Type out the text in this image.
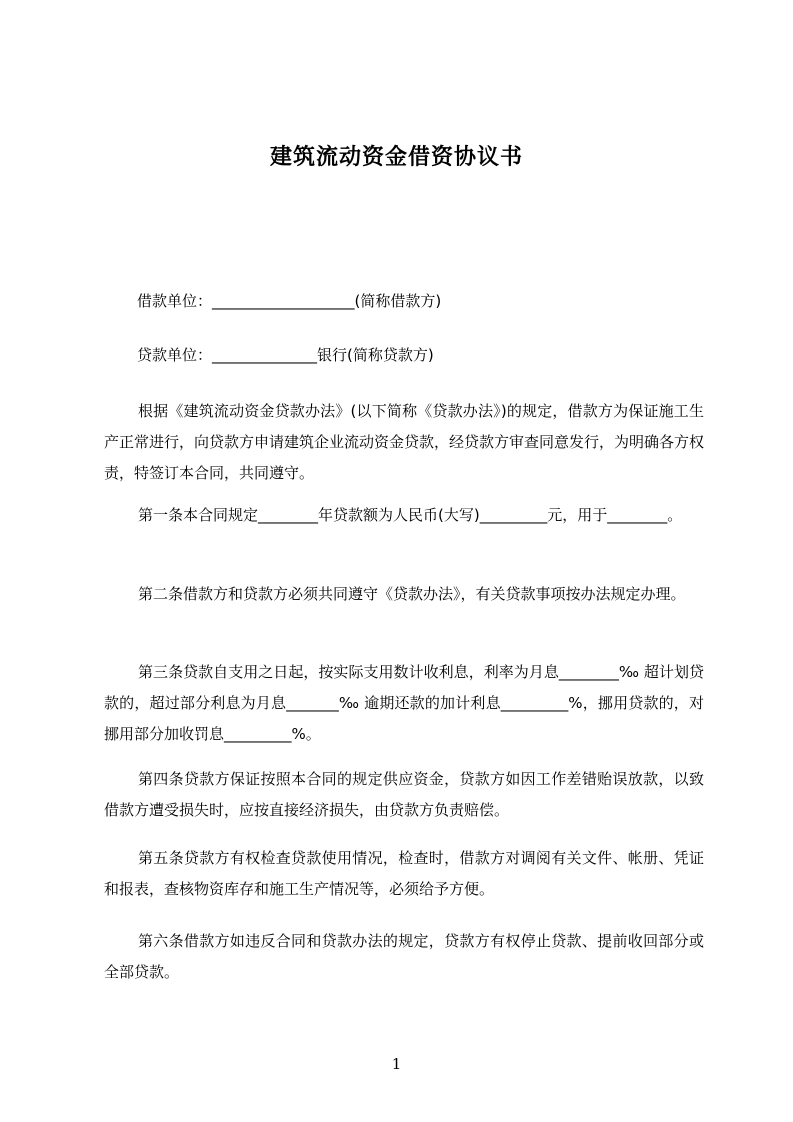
建筑流动资金借资协议书
借款单位：___________________(简称借款方)
贷款单位：______________银行(简称贷款方)
根据《建筑流动资金贷款办法》(以下简称《贷款办法》)的规定，借款方为保证施工生产正常进行，向贷款方申请建筑企业流动资金贷款，经贷款方审查同意发行，为明确各方权责，特签订本合同，共同遵守。
第一条本合同规定________年贷款额为人民币(大写)_________元，用于________。
第二条借款方和贷款方必须共同遵守《贷款办法》，有关贷款事项按办法规定办理。
第三条贷款自支用之日起，按实际支用数计收利息，利率为月息________‰ 超计划贷款的，超过部分利息为月息_______‰ 逾期还款的加计利息_________%，挪用贷款的，对挪用部分加收罚息_________%。
第四条贷款方保证按照本合同的规定供应资金，贷款方如因工作差错贻误放款，以致借款方遭受损失时，应按直接经济损失，由贷款方负责赔偿。
第五条贷款方有权检查贷款使用情况，检查时，借款方对调阅有关文件、帐册、凭证和报表，查核物资库存和施工生产情况等，必须给予方便。
第六条借款方如违反合同和贷款办法的规定，贷款方有权停止贷款、提前收回部分或全部贷款。
1
